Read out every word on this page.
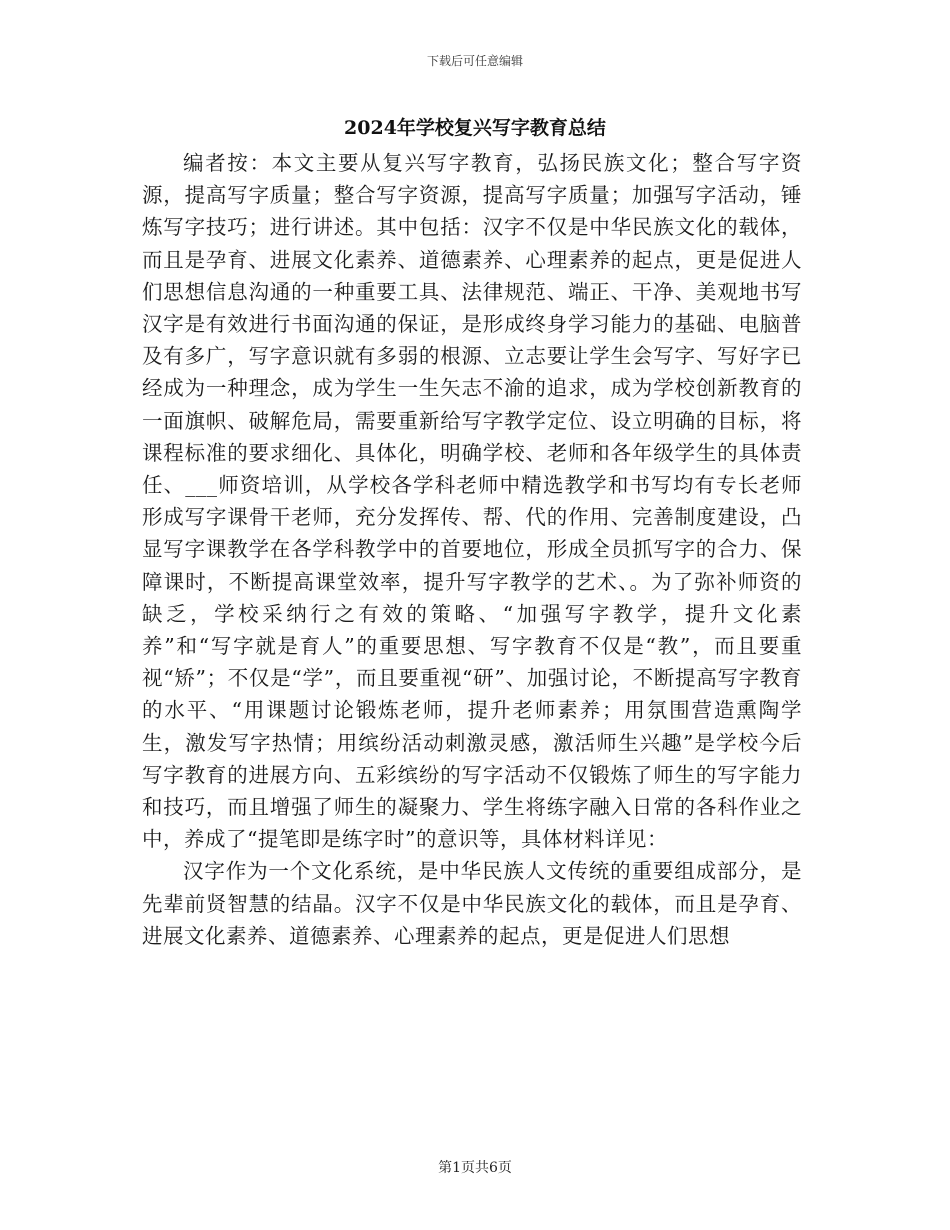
下载后可任意编辑
2024年学校复兴写字教育总结

编者按：本文主要从复兴写字教育，弘扬民族文化；整合写字资源，提高写字质量；整合写字资源，提高写字质量；加强写字活动，锤炼写字技巧；进行讲述。其中包括：汉字不仅是中华民族文化的载体，而且是孕育、进展文化素养、道德素养、心理素养的起点，更是促进人们思想信息沟通的一种重要工具、法律规范、端正、干净、美观地书写汉字是有效进行书面沟通的保证，是形成终身学习能力的基础、电脑普及有多广，写字意识就有多弱的根源、立志要让学生会写字、写好字已经成为一种理念，成为学生一生矢志不渝的追求，成为学校创新教育的一面旗帜、破解危局，需要重新给写字教学定位、设立明确的目标，将课程标准的要求细化、具体化，明确学校、老师和各年级学生的具体责任、___师资培训，从学校各学科老师中精选教学和书写均有专长老师形成写字课骨干老师，充分发挥传、帮、代的作用、完善制度建设，凸显写字课教学在各学科教学中的首要地位，形成全员抓写字的合力、保障课时，不断提高课堂效率，提升写字教学的艺术、。为了弥补师资的缺乏，学校采纳行之有效的策略、“加强写字教学，提升文化素养”和“写字就是育人”的重要思想、写字教育不仅是“教”，而且要重视“矫”；不仅是“学”，而且要重视“研”、加强讨论，不断提高写字教育的水平、“用课题讨论锻炼老师，提升老师素养；用氛围营造熏陶学生，激发写字热情；用缤纷活动刺激灵感，激活师生兴趣”是学校今后写字教育的进展方向、五彩缤纷的写字活动不仅锻炼了师生的写字能力和技巧，而且增强了师生的凝聚力、学生将练字融入日常的各科作业之中，养成了“提笔即是练字时”的意识等，具体材料详见：

汉字作为一个文化系统，是中华民族人文传统的重要组成部分，是先辈前贤智慧的结晶。汉字不仅是中华民族文化的载体，而且是孕育、进展文化素养、道德素养、心理素养的起点，更是促进人们思想

第1页共6页
